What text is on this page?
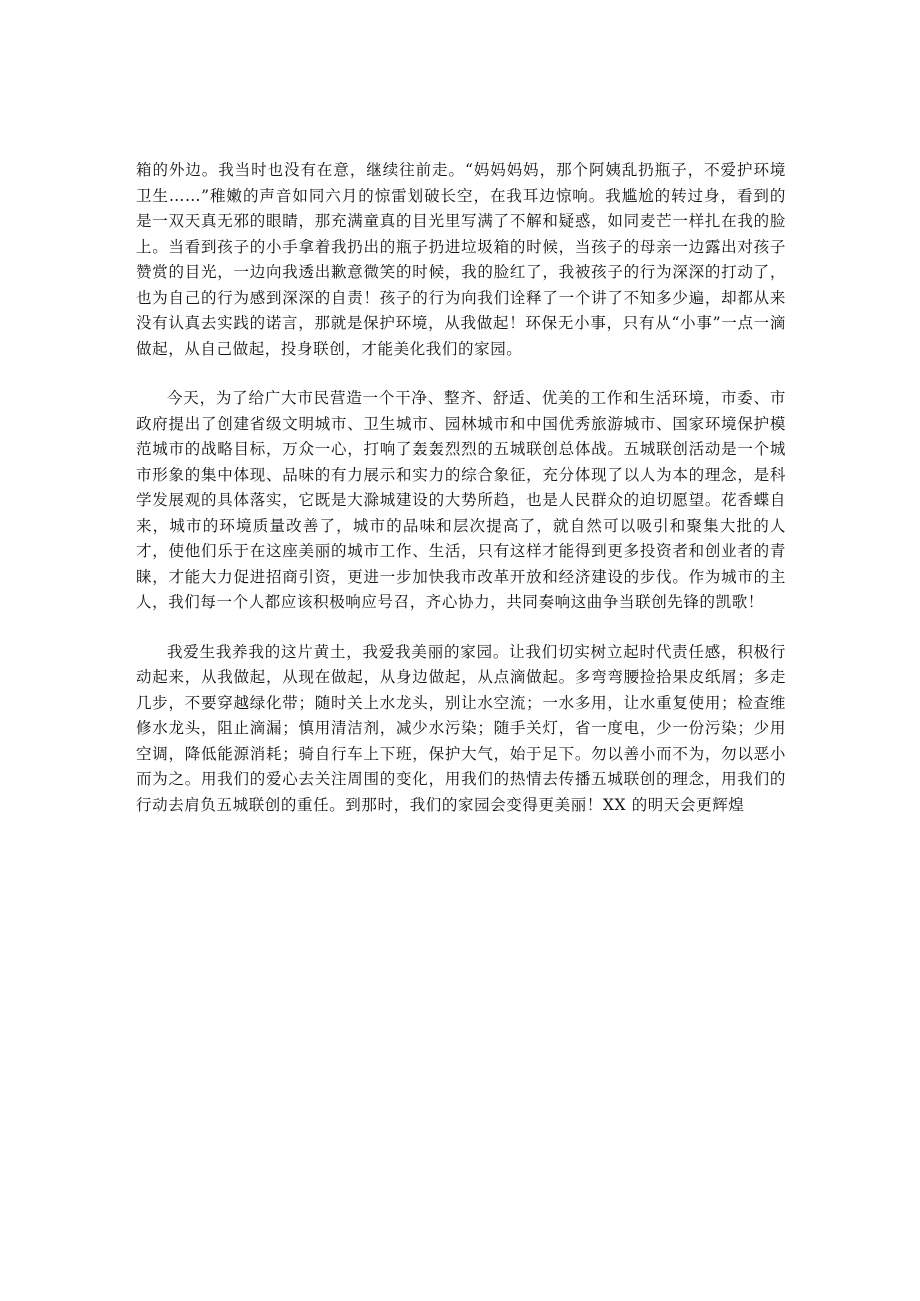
箱的外边。我当时也没有在意，继续往前走。“妈妈妈妈，那个阿姨乱扔瓶子，不爱护环境卫生……”稚嫩的声音如同六月的惊雷划破长空，在我耳边惊响。我尴尬的转过身，看到的是一双天真无邪的眼睛，那充满童真的目光里写满了不解和疑惑，如同麦芒一样扎在我的脸上。当看到孩子的小手拿着我扔出的瓶子扔进垃圾箱的时候，当孩子的母亲一边露出对孩子赞赏的目光，一边向我透出歉意微笑的时候，我的脸红了，我被孩子的行为深深的打动了，也为自己的行为感到深深的自责！孩子的行为向我们诠释了一个讲了不知多少遍，却都从来没有认真去实践的诺言，那就是保护环境，从我做起！环保无小事，只有从“小事”一点一滴做起，从自己做起，投身联创，才能美化我们的家园。

今天，为了给广大市民营造一个干净、整齐、舒适、优美的工作和生活环境，市委、市政府提出了创建省级文明城市、卫生城市、园林城市和中国优秀旅游城市、国家环境保护模范城市的战略目标，万众一心，打响了轰轰烈烈的五城联创总体战。五城联创活动是一个城市形象的集中体现、品味的有力展示和实力的综合象征，充分体现了以人为本的理念，是科学发展观的具体落实，它既是大滁城建设的大势所趋，也是人民群众的迫切愿望。花香蝶自来，城市的环境质量改善了，城市的品味和层次提高了，就自然可以吸引和聚集大批的人才，使他们乐于在这座美丽的城市工作、生活，只有这样才能得到更多投资者和创业者的青睐，才能大力促进招商引资，更进一步加快我市改革开放和经济建设的步伐。作为城市的主人，我们每一个人都应该积极响应号召，齐心协力，共同奏响这曲争当联创先锋的凯歌！

我爱生我养我的这片黄土，我爱我美丽的家园。让我们切实树立起时代责任感，积极行动起来，从我做起，从现在做起，从身边做起，从点滴做起。多弯弯腰捡拾果皮纸屑；多走几步，不要穿越绿化带；随时关上水龙头，别让水空流；一水多用，让水重复使用；检查维修水龙头，阻止滴漏；慎用清洁剂，减少水污染；随手关灯，省一度电，少一份污染；少用空调，降低能源消耗；骑自行车上下班，保护大气，始于足下。勿以善小而不为，勿以恶小而为之。用我们的爱心去关注周围的变化，用我们的热情去传播五城联创的理念，用我们的行动去肩负五城联创的重任。到那时，我们的家园会变得更美丽！XX 的明天会更辉煌
